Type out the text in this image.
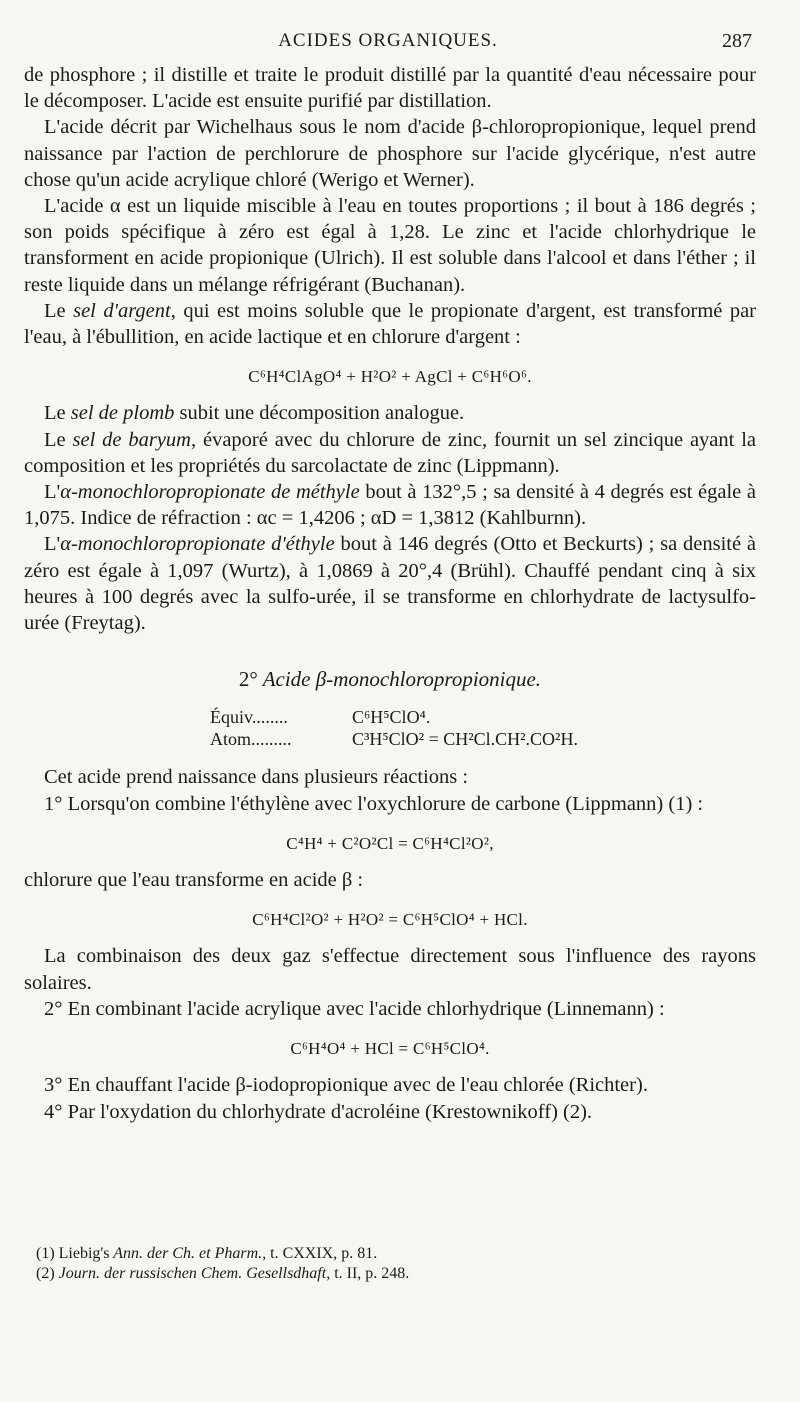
ACIDES ORGANIQUES.	287

de phosphore ; il distille et traite le produit distillé par la quantité d'eau nécessaire pour le décomposer. L'acide est ensuite purifié par distillation.

L'acide décrit par Wichelhaus sous le nom d'acide β-chloropropionique, lequel prend naissance par l'action de perchlorure de phosphore sur l'acide glycérique, n'est autre chose qu'un acide acrylique chloré (Werigo et Werner).

L'acide α est un liquide miscible à l'eau en toutes proportions ; il bout à 186 degrés ; son poids spécifique à zéro est égal à 1,28. Le zinc et l'acide chlorhydrique le transforment en acide propionique (Ulrich). Il est soluble dans l'alcool et dans l'éther ; il reste liquide dans un mélange réfrigérant (Buchanan).

Le sel d'argent, qui est moins soluble que le propionate d'argent, est transformé par l'eau, à l'ébullition, en acide lactique et en chlorure d'argent :

C⁶H⁴ClAgO⁴ + H²O² + AgCl + C⁶H⁶O⁶.

Le sel de plomb subit une décomposition analogue.

Le sel de baryum, évaporé avec du chlorure de zinc, fournit un sel zincique ayant la composition et les propriétés du sarcolactate de zinc (Lippmann).

L'α-monochloropropionate de méthyle bout à 132°,5 ; sa densité à 4 degrés est égale à 1,075. Indice de réfraction : αc = 1,4206 ; αD = 1,3812 (Kahlburnn).

L'α-monochloropropionate d'éthyle bout à 146 degrés (Otto et Beckurts) ; sa densité à zéro est égale à 1,097 (Wurtz), à 1,0869 à 20°,4 (Brühl). Chauffé pendant cinq à six heures à 100 degrés avec la sulfo-urée, il se transforme en chlorhydrate de lactysulfo-urée (Freytag).

2° Acide β-monochloropropionique.
Équiv........	C⁶H⁵ClO⁴.
Atom.........	C³H⁵ClO² = CH²Cl.CH².CO²H.

Cet acide prend naissance dans plusieurs réactions :

1° Lorsqu'on combine l'éthylène avec l'oxychlorure de carbone (Lippmann) (1) :

C⁴H⁴ + C²O²Cl = C⁶H⁴Cl²O²,

chlorure que l'eau transforme en acide β :

C⁶H⁴Cl²O² + H²O² = C⁶H⁵ClO⁴ + HCl.

La combinaison des deux gaz s'effectue directement sous l'influence des rayons solaires.

2° En combinant l'acide acrylique avec l'acide chlorhydrique (Linnemann) :

C⁶H⁴O⁴ + HCl = C⁶H⁵ClO⁴.

3° En chauffant l'acide β-iodopropionique avec de l'eau chlorée (Richter).

4° Par l'oxydation du chlorhydrate d'acroléine (Krestownikoff) (2).

(1) Liebig's Ann. der Ch. et Pharm., t. CXXIX, p. 81.
(2) Journ. der russischen Chem. Gesellsdhaft, t. II, p. 248.
